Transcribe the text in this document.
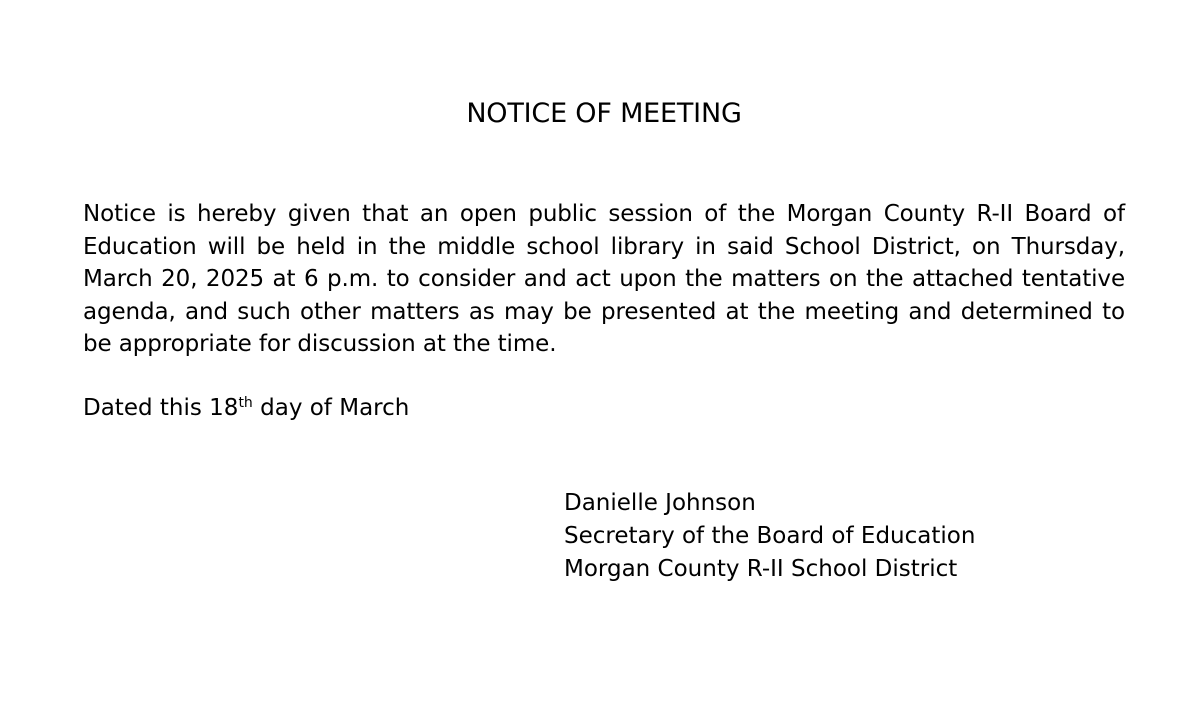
NOTICE OF MEETING
Notice is hereby given that an open public session of the Morgan County R-II Board of Education will be held in the middle school library in said School District, on Thursday, March 20, 2025 at 6 p.m. to consider and act upon the matters on the attached tentative agenda, and such other matters as may be presented at the meeting and determined to be appropriate for discussion at the time.
Dated this 18th day of March
Danielle Johnson
Secretary of the Board of Education
Morgan County R-II School District
